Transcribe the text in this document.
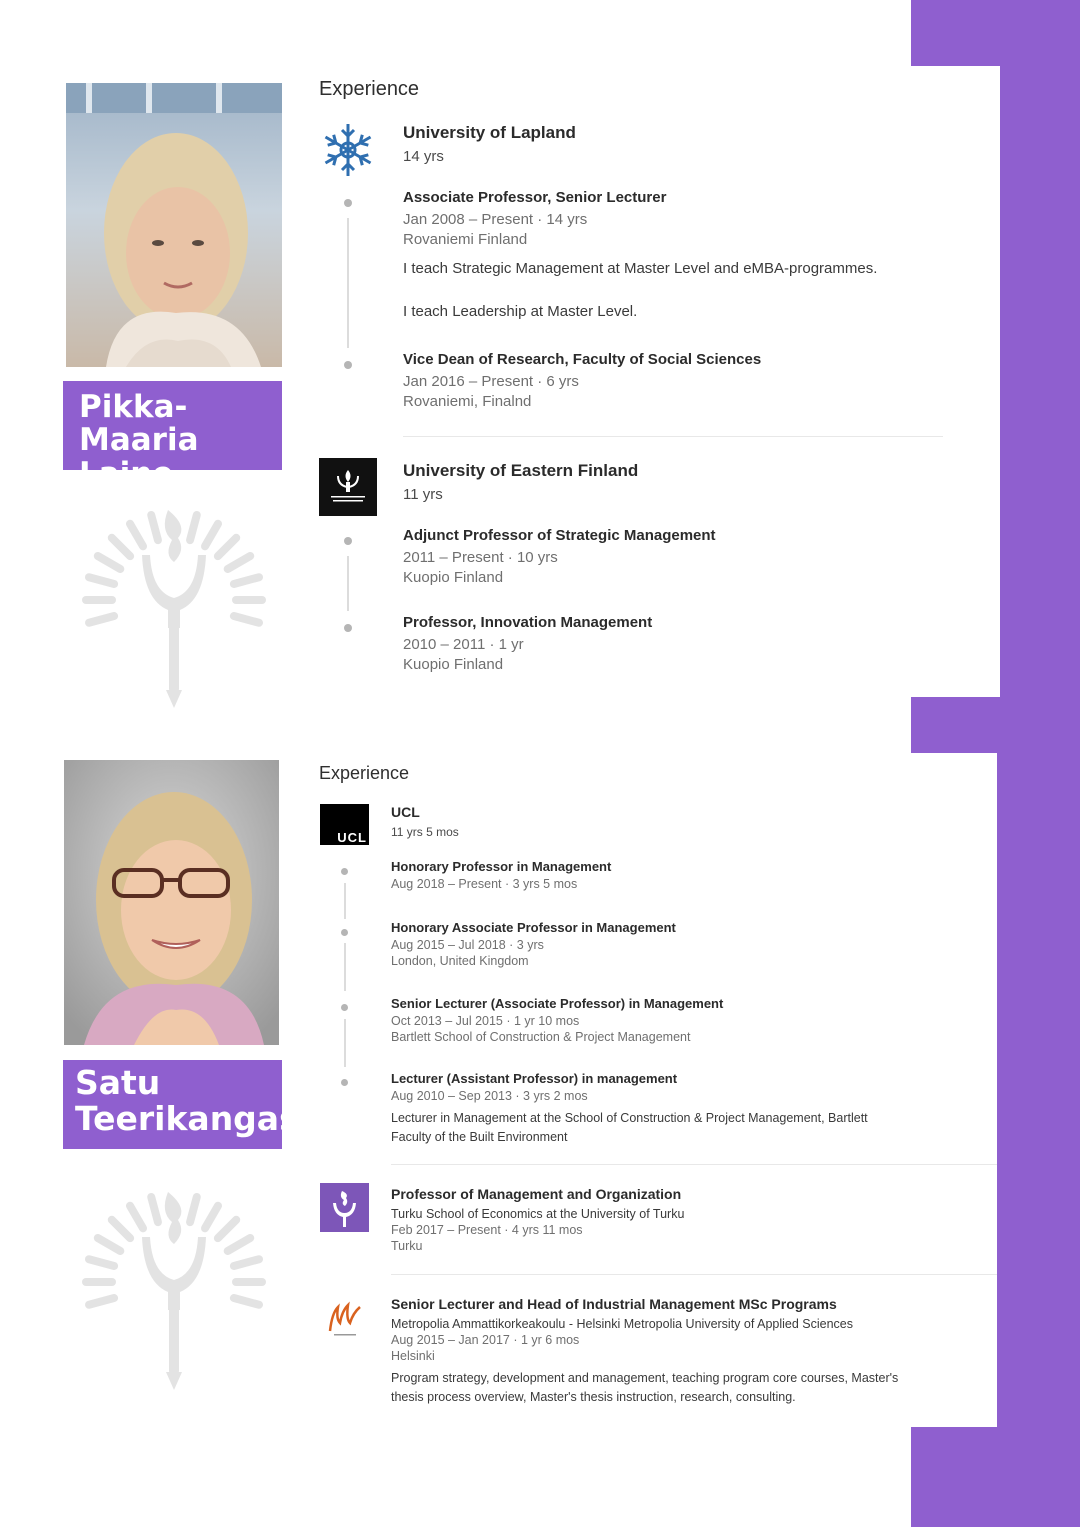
Pikka-
Maaria Laine
Experience
University of Lapland
14 yrs
Associate Professor, Senior Lecturer
Jan 2008 – Present · 14 yrs
Rovaniemi Finland
I teach Strategic Management at Master Level and eMBA-programmes.
I teach Leadership at Master Level.
Vice Dean of Research, Faculty of Social Sciences
Jan 2016 – Present · 6 yrs
Rovaniemi, Finalnd
University of Eastern Finland
11 yrs
Adjunct Professor of Strategic Management
2011 – Present · 10 yrs
Kuopio Finland
Professor, Innovation Management
2010 – 2011 · 1 yr
Kuopio Finland
Satu
Teerikangas
Experience
UCL
UCL
11 yrs 5 mos
Honorary Professor in Management
Aug 2018 – Present · 3 yrs 5 mos
Honorary Associate Professor in Management
Aug 2015 – Jul 2018 · 3 yrs
London, United Kingdom
Senior Lecturer (Associate Professor) in Management
Oct 2013 – Jul 2015 · 1 yr 10 mos
Bartlett School of Construction & Project Management
Lecturer (Assistant Professor) in management
Aug 2010 – Sep 2013 · 3 yrs 2 mos
Lecturer in Management at the School of Construction & Project Management, Bartlett
Faculty of the Built Environment
Professor of Management and Organization
Turku School of Economics at the University of Turku
Feb 2017 – Present · 4 yrs 11 mos
Turku
Senior Lecturer and Head of Industrial Management MSc Programs
Metropolia Ammattikorkeakoulu - Helsinki Metropolia University of Applied Sciences
Aug 2015 – Jan 2017 · 1 yr 6 mos
Helsinki
Program strategy, development and management, teaching program core courses, Master's
thesis process overview, Master's thesis instruction, research, consulting.
